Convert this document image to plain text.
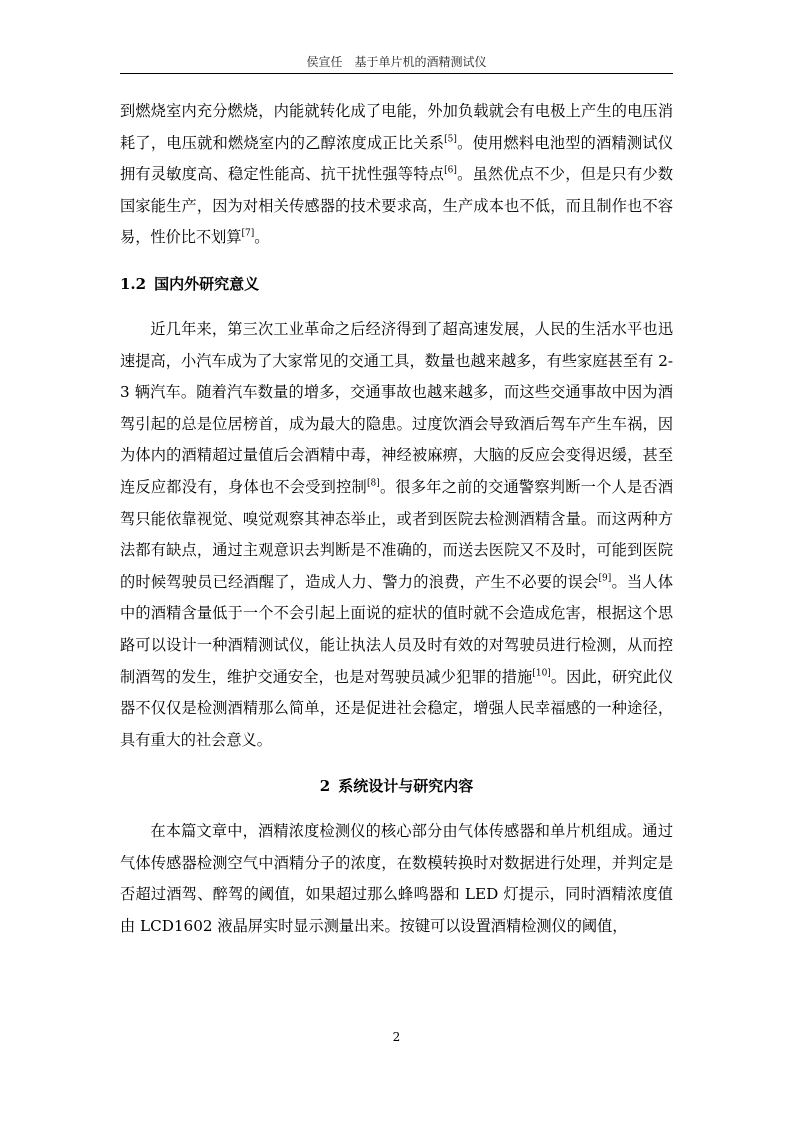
侯宣任  基于单片机的酒精测试仪

到燃烧室内充分燃烧，内能就转化成了电能，外加负载就会有电极上产生的电压消耗了，电压就和燃烧室内的乙醇浓度成正比关系[5]。使用燃料电池型的酒精测试仪拥有灵敏度高、稳定性能高、抗干扰性强等特点[6]。虽然优点不少，但是只有少数国家能生产，因为对相关传感器的技术要求高，生产成本也不低，而且制作也不容易，性价比不划算[7]。

1.2 国内外研究意义

近几年来，第三次工业革命之后经济得到了超高速发展，人民的生活水平也迅速提高，小汽车成为了大家常见的交通工具，数量也越来越多，有些家庭甚至有 2-3 辆汽车。随着汽车数量的增多，交通事故也越来越多，而这些交通事故中因为酒驾引起的总是位居榜首，成为最大的隐患。过度饮酒会导致酒后驾车产生车祸，因为体内的酒精超过量值后会酒精中毒，神经被麻痹，大脑的反应会变得迟缓，甚至连反应都没有，身体也不会受到控制[8]。很多年之前的交通警察判断一个人是否酒驾只能依靠视觉、嗅觉观察其神态举止，或者到医院去检测酒精含量。而这两种方法都有缺点，通过主观意识去判断是不准确的，而送去医院又不及时，可能到医院的时候驾驶员已经酒醒了，造成人力、警力的浪费，产生不必要的误会[9]。当人体中的酒精含量低于一个不会引起上面说的症状的值时就不会造成危害，根据这个思路可以设计一种酒精测试仪，能让执法人员及时有效的对驾驶员进行检测，从而控制酒驾的发生，维护交通安全，也是对驾驶员减少犯罪的措施[10]。因此，研究此仪器不仅仅是检测酒精那么简单，还是促进社会稳定，增强人民幸福感的一种途径，具有重大的社会意义。

2 系统设计与研究内容

在本篇文章中，酒精浓度检测仪的核心部分由气体传感器和单片机组成。通过气体传感器检测空气中酒精分子的浓度，在数模转换时对数据进行处理，并判定是否超过酒驾、醉驾的阈值，如果超过那么蜂鸣器和 LED 灯提示，同时酒精浓度值由 LCD1602 液晶屏实时显示测量出来。按键可以设置酒精检测仪的阈值，

2
